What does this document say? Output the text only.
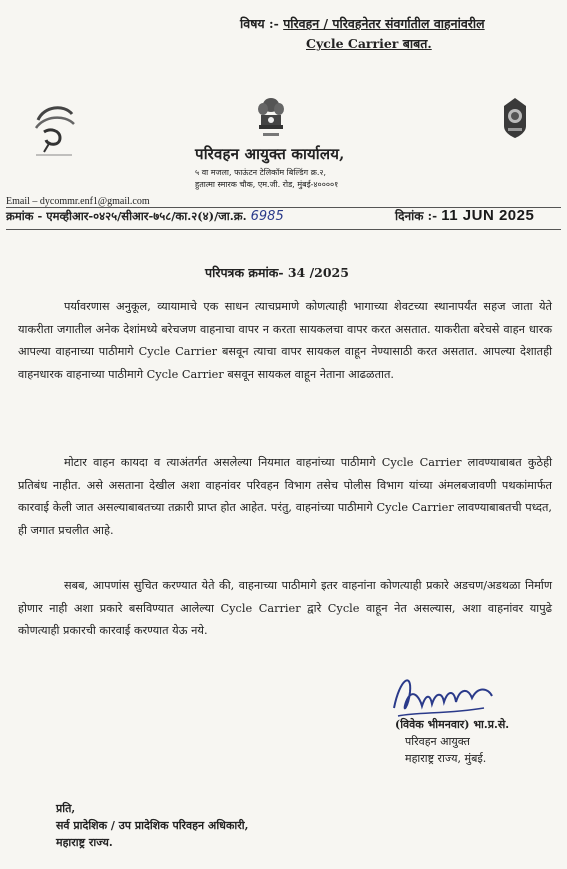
विषय :- परिवहन / परिवहनेतर संवर्गातील वाहनांवरील
Cycle Carrier बाबत.
परिवहन आयुक्त कार्यालय,
५ वा मजला, फाऊंटन टेलिकॉम बिल्डिंग क्र.२,
हुतात्मा स्मारक चौक, एम.जी. रोड, मुंबई-४००००१
Email – dycommr.enf1@gmail.com
क्रमांक - एमव्हीआर-०४२५/सीआर-७५८/का.२(४)/जा.क्र. 6985	दिनांक :- 11 JUN 2025
परिपत्रक क्रमांक- 34 /2025
पर्यावरणास अनुकूल, व्यायामाचे एक साधन त्याचप्रमाणे कोणत्याही भागाच्या शेवटच्या स्थानापर्यंत सहज जाता येते याकरीता जगातील अनेक देशांमध्ये बरेचजण वाहनाचा वापर न करता सायकलचा वापर करत असतात. याकरीता बरेचसे वाहन धारक आपल्या वाहनाच्या पाठीमागे Cycle Carrier बसवून त्याचा वापर सायकल वाहून नेण्यासाठी करत असतात. आपल्या देशातही वाहनधारक वाहनाच्या पाठीमागे Cycle Carrier बसवून सायकल वाहून नेताना आढळतात.
मोटार वाहन कायदा व त्याअंतर्गत असलेल्या नियमात वाहनांच्या पाठीमागे Cycle Carrier लावण्याबाबत कुठेही प्रतिबंध नाहीत. असे असताना देखील अशा वाहनांवर परिवहन विभाग तसेच पोलीस विभाग यांच्या अंमलबजावणी पथकांमार्फत कारवाई केली जात असल्याबाबतच्या तक्रारी प्राप्त होत आहेत. परंतु, वाहनांच्या पाठीमागे Cycle Carrier लावण्याबाबतची पध्दत, ही जगात प्रचलीत आहे.
सबब, आपणांस सुचित करण्यात येते की, वाहनाच्या पाठीमागे इतर वाहनांना कोणत्याही प्रकारे अडचण/अडथळा निर्माण होणार नाही अशा प्रकारे बसविण्यात आलेल्या Cycle Carrier द्वारे Cycle वाहून नेत असल्यास, अशा वाहनांवर यापुढे कोणत्याही प्रकारची कारवाई करण्यात येऊ नये.
(विवेक भीमनवार) भा.प्र.से.
परिवहन आयुक्त
महाराष्ट्र राज्य, मुंबई.
प्रति,
सर्व प्रादेशिक / उप प्रादेशिक परिवहन अधिकारी,
महाराष्ट्र राज्य.
